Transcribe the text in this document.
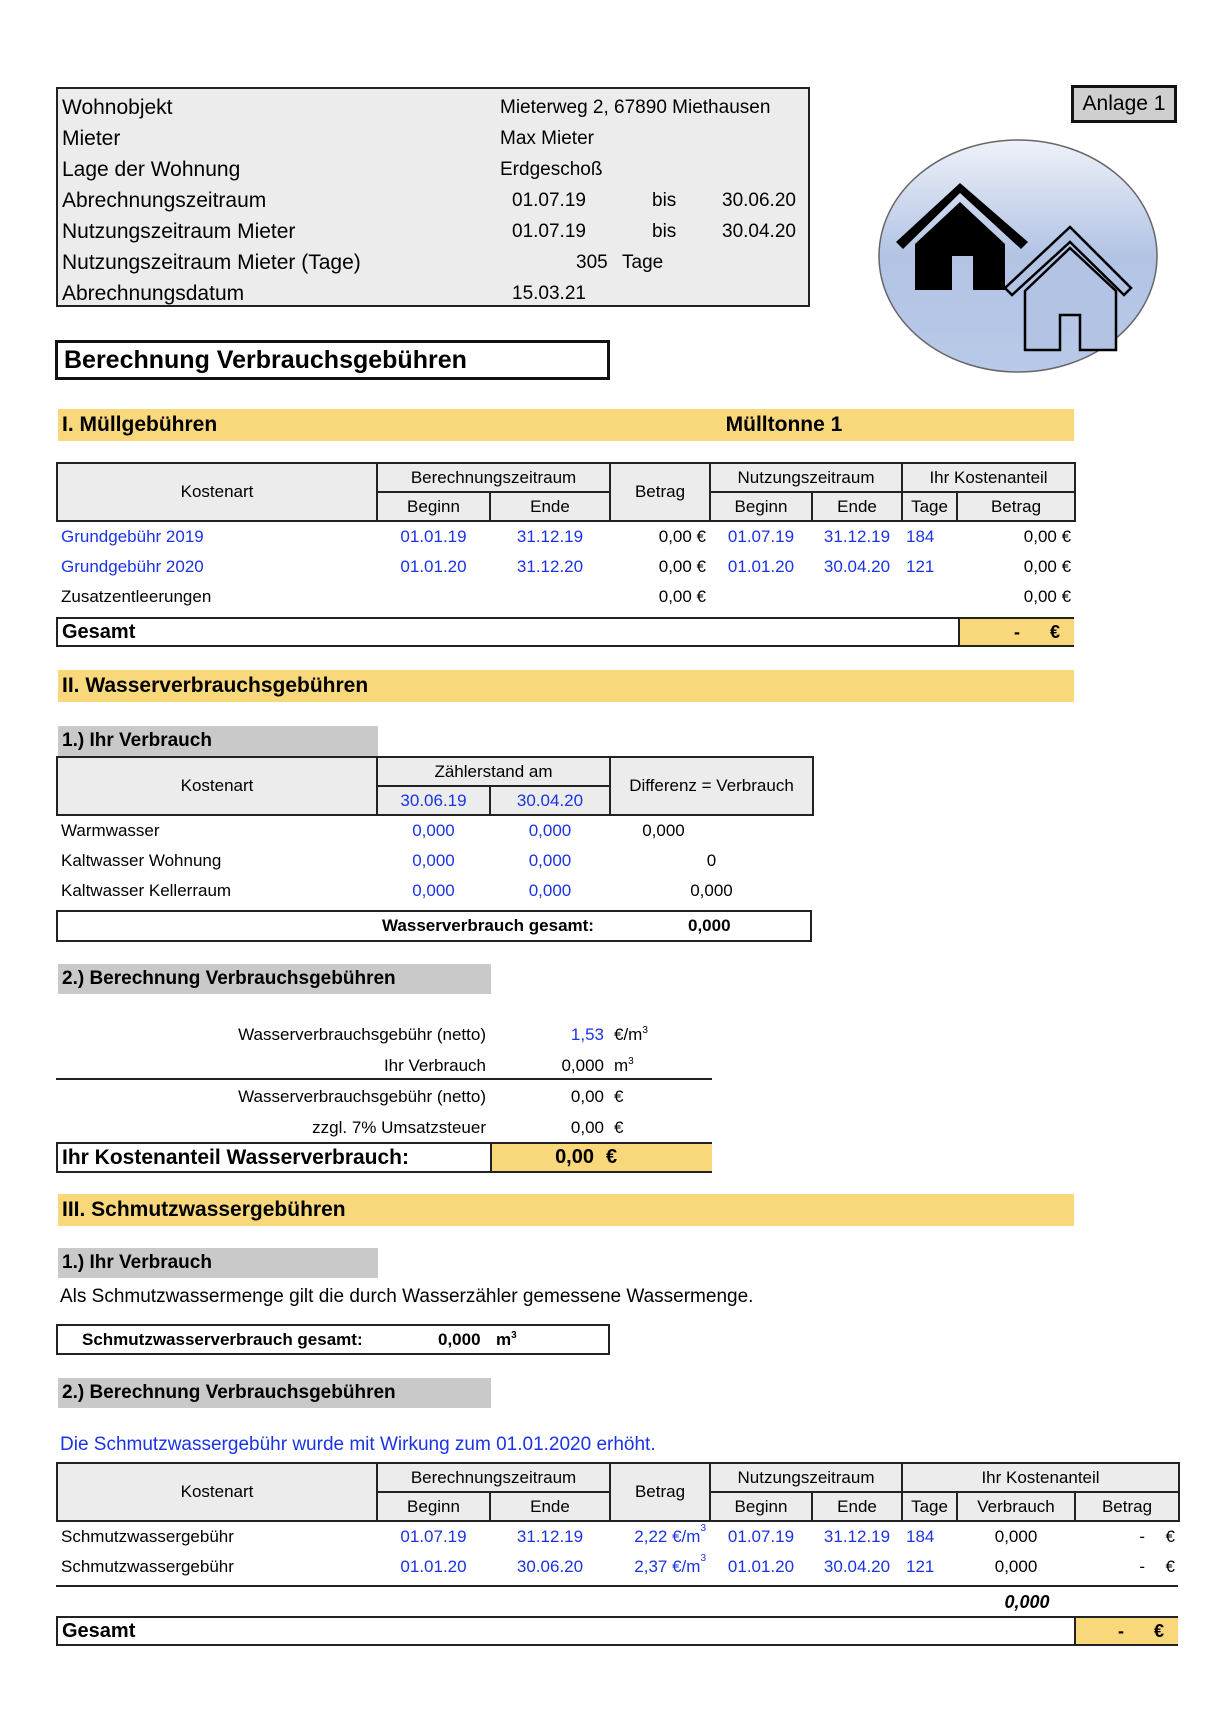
Wohnobjekt	Mieterweg 2, 67890 Miethausen
Mieter	Max Mieter
Lage der Wohnung	Erdgeschoß
Abrechnungszeitraum	01.07.19	bis 30.06.20
Nutzungszeitraum Mieter	01.07.19	bis 30.04.20
Nutzungszeitraum Mieter (Tage)	305 Tage
Abrechnungsdatum	15.03.21
Anlage 1
Berechnung Verbrauchsgebühren
I. Müllgebühren	Mülltonne 1
Kostenart	Berechnungszeitraum		Betrag	Nutzungszeitraum		Ihr Kostenanteil	
	Beginn	Ende		Beginn	Ende	Tage	Betrag
Grundgebühr 2019	01.01.19	31.12.19	0,00 €	01.07.19	31.12.19	184	0,00 €
Grundgebühr 2020	01.01.20	31.12.20	0,00 €	01.01.20	30.04.20	121	0,00 €
Zusatzentleerungen			0,00 €				0,00 €
Gesamt	- €
II. Wasserverbrauchsgebühren
1.) Ihr Verbrauch
Kostenart	Zählerstand am		Differenz = Verbrauch
	30.06.19	30.04.20	
Warmwasser	0,000	0,000	0,000
Kaltwasser Wohnung	0,000	0,000	0
Kaltwasser Kellerraum	0,000	0,000	0,000
Wasserverbrauch gesamt:	0,000
2.) Berechnung Verbrauchsgebühren
Wasserverbrauchsgebühr (netto)	1,53 $€/m^3$
Ihr Verbrauch	0,000 $m^3$
Wasserverbrauchsgebühr (netto)	0,00 €
zzgl. 7% Umsatzsteuer	0,00 €
Ihr Kostenanteil Wasserverbrauch:	0,00 €
III. Schmutzwassergebühren
1.) Ihr Verbrauch
Als Schmutzwassermenge gilt die durch Wasserzähler gemessene Wassermenge.
Schmutzwasserverbrauch gesamt:	0,000 $m^3$
2.) Berechnung Verbrauchsgebühren
Die Schmutzwassergebühr wurde mit Wirkung zum 01.01.2020 erhöht.
Kostenart	Berechnungszeitraum		Betrag	Nutzungszeitraum		Ihr Kostenanteil		
	Beginn	Ende		Beginn	Ende	Tage	Verbrauch	Betrag
Schmutzwassergebühr	01.07.19	31.12.19	2,22 $€/m^3$	01.07.19	31.12.19	184	0,000	- €
Schmutzwassergebühr	01.01.20	30.06.20	2,37 $€/m^3$	01.01.20	30.04.20	121	0,000	- €
0,000
Gesamt	- €
